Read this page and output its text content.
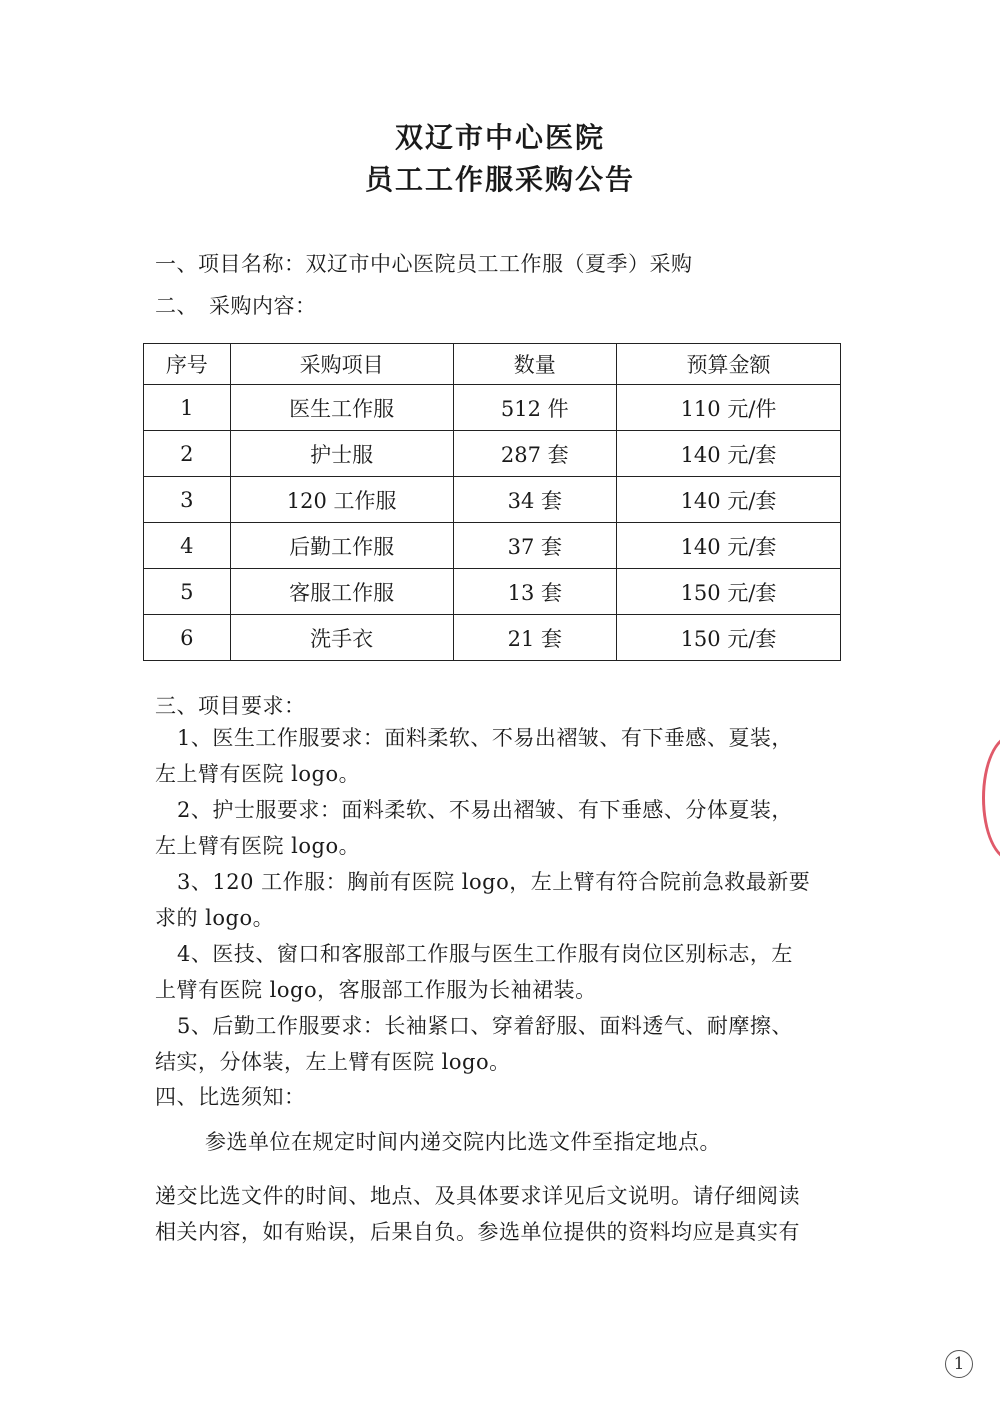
双辽市中心医院
员工工作服采购公告
一、项目名称：双辽市中心医院员工工作服（夏季）采购
二、　采购内容：
序号	采购项目	数量	预算金额
1	医生工作服	512 件	110 元/件
2	护士服	287 套	140 元/套
3	120 工作服	34 套	140 元/套
4	后勤工作服	37 套	140 元/套
5	客服工作服	13 套	150 元/套
6	洗手衣	21 套	150 元/套
三、项目要求：
1、医生工作服要求：面料柔软、不易出褶皱、有下垂感、夏装，
左上臂有医院 logo。
2、护士服要求：面料柔软、不易出褶皱、有下垂感、分体夏装，
左上臂有医院 logo。
3、120 工作服：胸前有医院 logo，左上臂有符合院前急救最新要
求的 logo。
4、医技、窗口和客服部工作服与医生工作服有岗位区别标志，左
上臂有医院 logo，客服部工作服为长袖裙装。
5、后勤工作服要求：长袖紧口、穿着舒服、面料透气、耐摩擦、
结实，分体装，左上臂有医院 logo。
四、比选须知：
参选单位在规定时间内递交院内比选文件至指定地点。
递交比选文件的时间、地点、及具体要求详见后文说明。请仔细阅读
相关内容，如有贻误，后果自负。参选单位提供的资料均应是真实有
1
